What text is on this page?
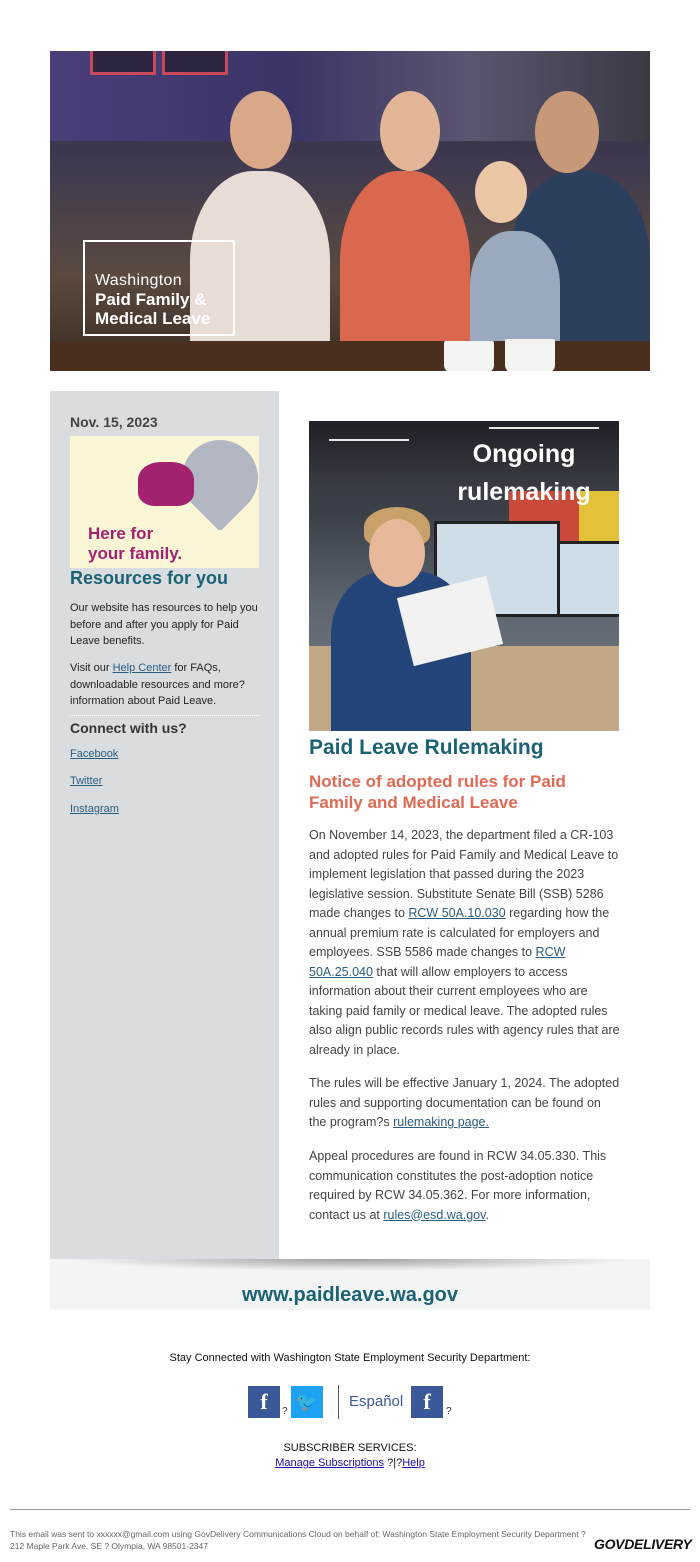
Washington
Paid Family &
Medical Leave
Nov. 15, 2023
Here for
your family.
Resources for you

Our website has resources to help you before and after you apply for Paid Leave benefits.

Visit our Help Center for FAQs, downloadable resources and more? information about Paid Leave.

Connect with us?
Facebook
Twitter
Instagram
Ongoing
rulemaking
Paid Leave Rulemaking
Notice of adopted rules for Paid Family and Medical Leave

On November 14, 2023, the department filed a CR-103 and adopted rules for Paid Family and Medical Leave to implement legislation that passed during the 2023 legislative session. Substitute Senate Bill (SSB) 5286 made changes to RCW 50A.10.030 regarding how the annual premium rate is calculated for employers and employees. SSB 5586 made changes to RCW 50A.25.040 that will allow employers to access information about their current employees who are taking paid family or medical leave. The adopted rules also align public records rules with agency rules that are already in place.

The rules will be effective January 1, 2024. The adopted rules and supporting documentation can be found on the program?s rulemaking page.

Appeal procedures are found in RCW 34.05.330. This communication constitutes the post-adoption notice required by RCW 34.05.362. For more information, contact us at rules@esd.wa.gov.

www.paidleave.wa.gov
Stay Connected with Washington State Employment Security Department:
f	? 🐦	Español f	?
SUBSCRIBER SERVICES:
Manage Subscriptions ?|?Help
This email was sent to xxxxxx@gmail.com using GovDelivery Communications Cloud on behalf of: Washington State Employment Security Department ? 212 Maple Park Ave. SE ? Olympia, WA 98501-2347	GOVDELIVERY
